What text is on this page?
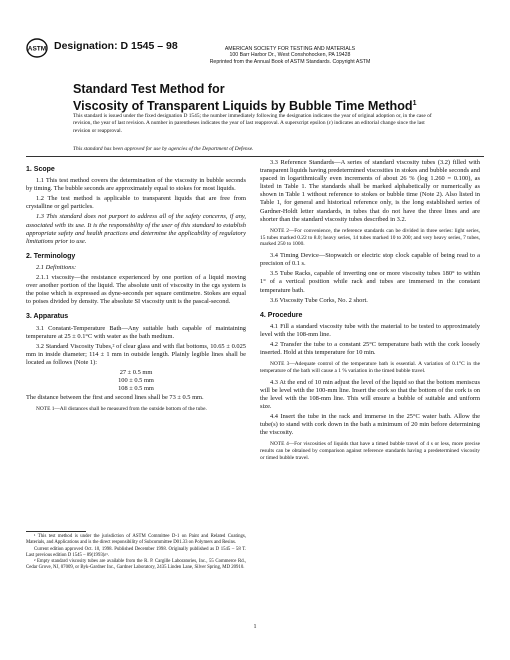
ASTM Designation: D 1545 – 98	AMERICAN SOCIETY FOR TESTING AND MATERIALS
100 Barr Harbor Dr., West Conshohocken, PA 19428
Reprinted from the Annual Book of ASTM Standards. Copyright ASTM
Standard Test Method for
Viscosity of Transparent Liquids by Bubble Time Method$^1$
This standard is issued under the fixed designation D 1545; the number immediately following the designation indicates the year of original adoption or, in the case of revision, the year of last revision. A number in parentheses indicates the year of last reapproval. A superscript epsilon (ε) indicates an editorial change since the last revision or reapproval.
This standard has been approved for use by agencies of the Department of Defense.
1. Scope

1.1 This test method covers the determination of the viscosity in bubble seconds by timing. The bubble seconds are approximately equal to stokes for most liquids.

1.2 The test method is applicable to transparent liquids that are free from crystalline or gel particles.

1.3 This standard does not purport to address all of the safety concerns, if any, associated with its use. It is the responsibility of the user of this standard to establish appropriate safety and health practices and determine the applicability of regulatory limitations prior to use.

2. Terminology

2.1 Definitions:

2.1.1 viscosity—the resistance experienced by one portion of a liquid moving over another portion of the liquid. The absolute unit of viscosity in the cgs system is the poise which is expressed as dyne-seconds per square centimetre. Stokes are equal to poises divided by density. The absolute SI viscosity unit is the pascal-second.

3. Apparatus

3.1 Constant-Temperature Bath—Any suitable bath capable of maintaining temperature at 25 ± 0.1°C with water as the bath medium.

3.2 Standard Viscosity Tubes,² of clear glass and with flat bottoms, 10.65 ± 0.025 mm in inside diameter; 114 ± 1 mm in outside length. Plainly legible lines shall be located as follows (Note 1):

27 ± 0.5 mm

100 ± 0.5 mm

108 ± 0.5 mm

The distance between the first and second lines shall be 73 ± 0.5 mm.

NOTE 1—All distances shall be measured from the outside bottom of the tube.

3.3 Reference Standards—A series of standard viscosity tubes (3.2) filled with transparent liquids having predetermined viscosities in stokes and bubble seconds and spaced in logarithmically even increments of about 26 % (log 1.260 = 0.100), as listed in Table 1. The standards shall be marked alphabetically or numerically as shown in Table 1 without reference to stokes or bubble time (Note 2). Also listed in Table 1, for general and historical reference only, is the long established series of Gardner-Holdt letter standards, in tubes that do not have the three lines and are shorter than the standard viscosity tubes described in 3.2.

NOTE 2—For convenience, the reference standards can be divided in three series: light series, 15 tubes marked 0.22 to 8.0; heavy series, 14 tubes marked 10 to 200; and very heavy series, 7 tubes, marked 250 to 1000.

3.4 Timing Device—Stopwatch or electric stop clock capable of being read to a precision of 0.1 s.

3.5 Tube Racks, capable of inverting one or more viscosity tubes 180° to within 1° of a vertical position while rack and tubes are immersed in the constant temperature bath.

3.6 Viscosity Tube Corks, No. 2 short.

4. Procedure

4.1 Fill a standard viscosity tube with the material to be tested to approximately level with the 108-mm line.

4.2 Transfer the tube to a constant 25°C temperature bath with the cork loosely inserted. Hold at this temperature for 10 min.

NOTE 3—Adequate control of the temperature bath is essential. A variation of 0.1°C in the temperature of the bath will cause a 1 % variation in the timed bubble travel.

4.3 At the end of 10 min adjust the level of the liquid so that the bottom meniscus will be level with the 100-mm line. Insert the cork so that the bottom of the cork is on the level with the 108-mm line. This will ensure a bubble of suitable and uniform size.

4.4 Insert the tube in the rack and immerse in the 25°C water bath. Allow the tube(s) to stand with cork down in the bath a minimum of 20 min before determining the viscosity.

NOTE 4—For viscosities of liquids that have a timed bubble travel of 4 s or less, more precise results can be obtained by comparison against reference standards having a predetermined viscosity or timed bubble travel.

¹ This test method is under the jurisdiction of ASTM Committee D-1 on Paint and Related Coatings, Materials, and Applications and is the direct responsibility of Subcommittee D01.33 on Polymers and Resins.

Current edition approved Oct. 10, 1998. Published December 1998. Originally published as D 1545 – 58 T. Last previous edition D 1545 – 89(1993)ε¹.

² Empty standard viscosity tubes are available from the R. P. Cargille Laboratories, Inc., 55 Commerce Rd., Cedar Grove, NJ, 07009, or Byk-Gardner Inc., Gardner Laboratory, 2435 Linden Lane, Silver Spring, MD 20910.

1
